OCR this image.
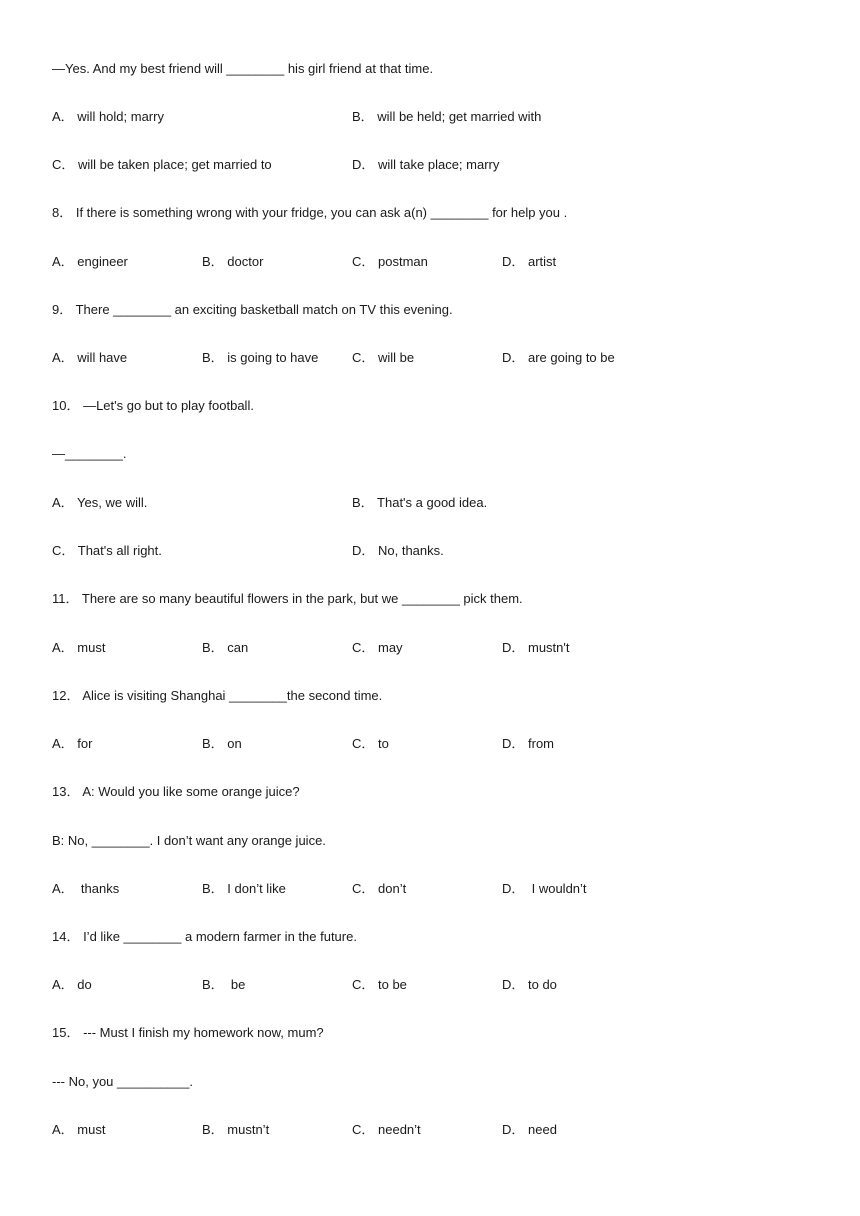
—Yes. And my best friend will ________ his girl friend at that time.
A． will hold; marry	B． will be held; get married with
C． will be taken place; get married to	D． will take place; marry
8． If there is something wrong with your fridge, you can ask a(n) ________ for help you .
A． engineer	B． doctor	C． postman	D． artist
9． There ________ an exciting basketball match on TV this evening.
A． will have	B． is going to have	C． will be	D． are going to be
10． —Let's go but to play football.
—________.
A． Yes, we will.	B． That's a good idea.
C． That's all right.	D． No, thanks.
11． There are so many beautiful flowers in the park, but we ________ pick them.
A． must	B． can	C． may	D． mustn't
12． Alice is visiting Shanghai ________the second time.
A． for	B． on	C． to	D． from
13． A: Would you like some orange juice?
B: No, ________. I don’t want any orange juice.
A．  thanks	B． I don’t like	C． don’t	D．  I wouldn’t
14． I’d like ________ a modern farmer in the future.
A． do	B．  be	C． to be	D． to do
15． --- Must I finish my homework now, mum?
--- No, you __________.
A． must	B． mustn’t	C． needn’t	D． need
